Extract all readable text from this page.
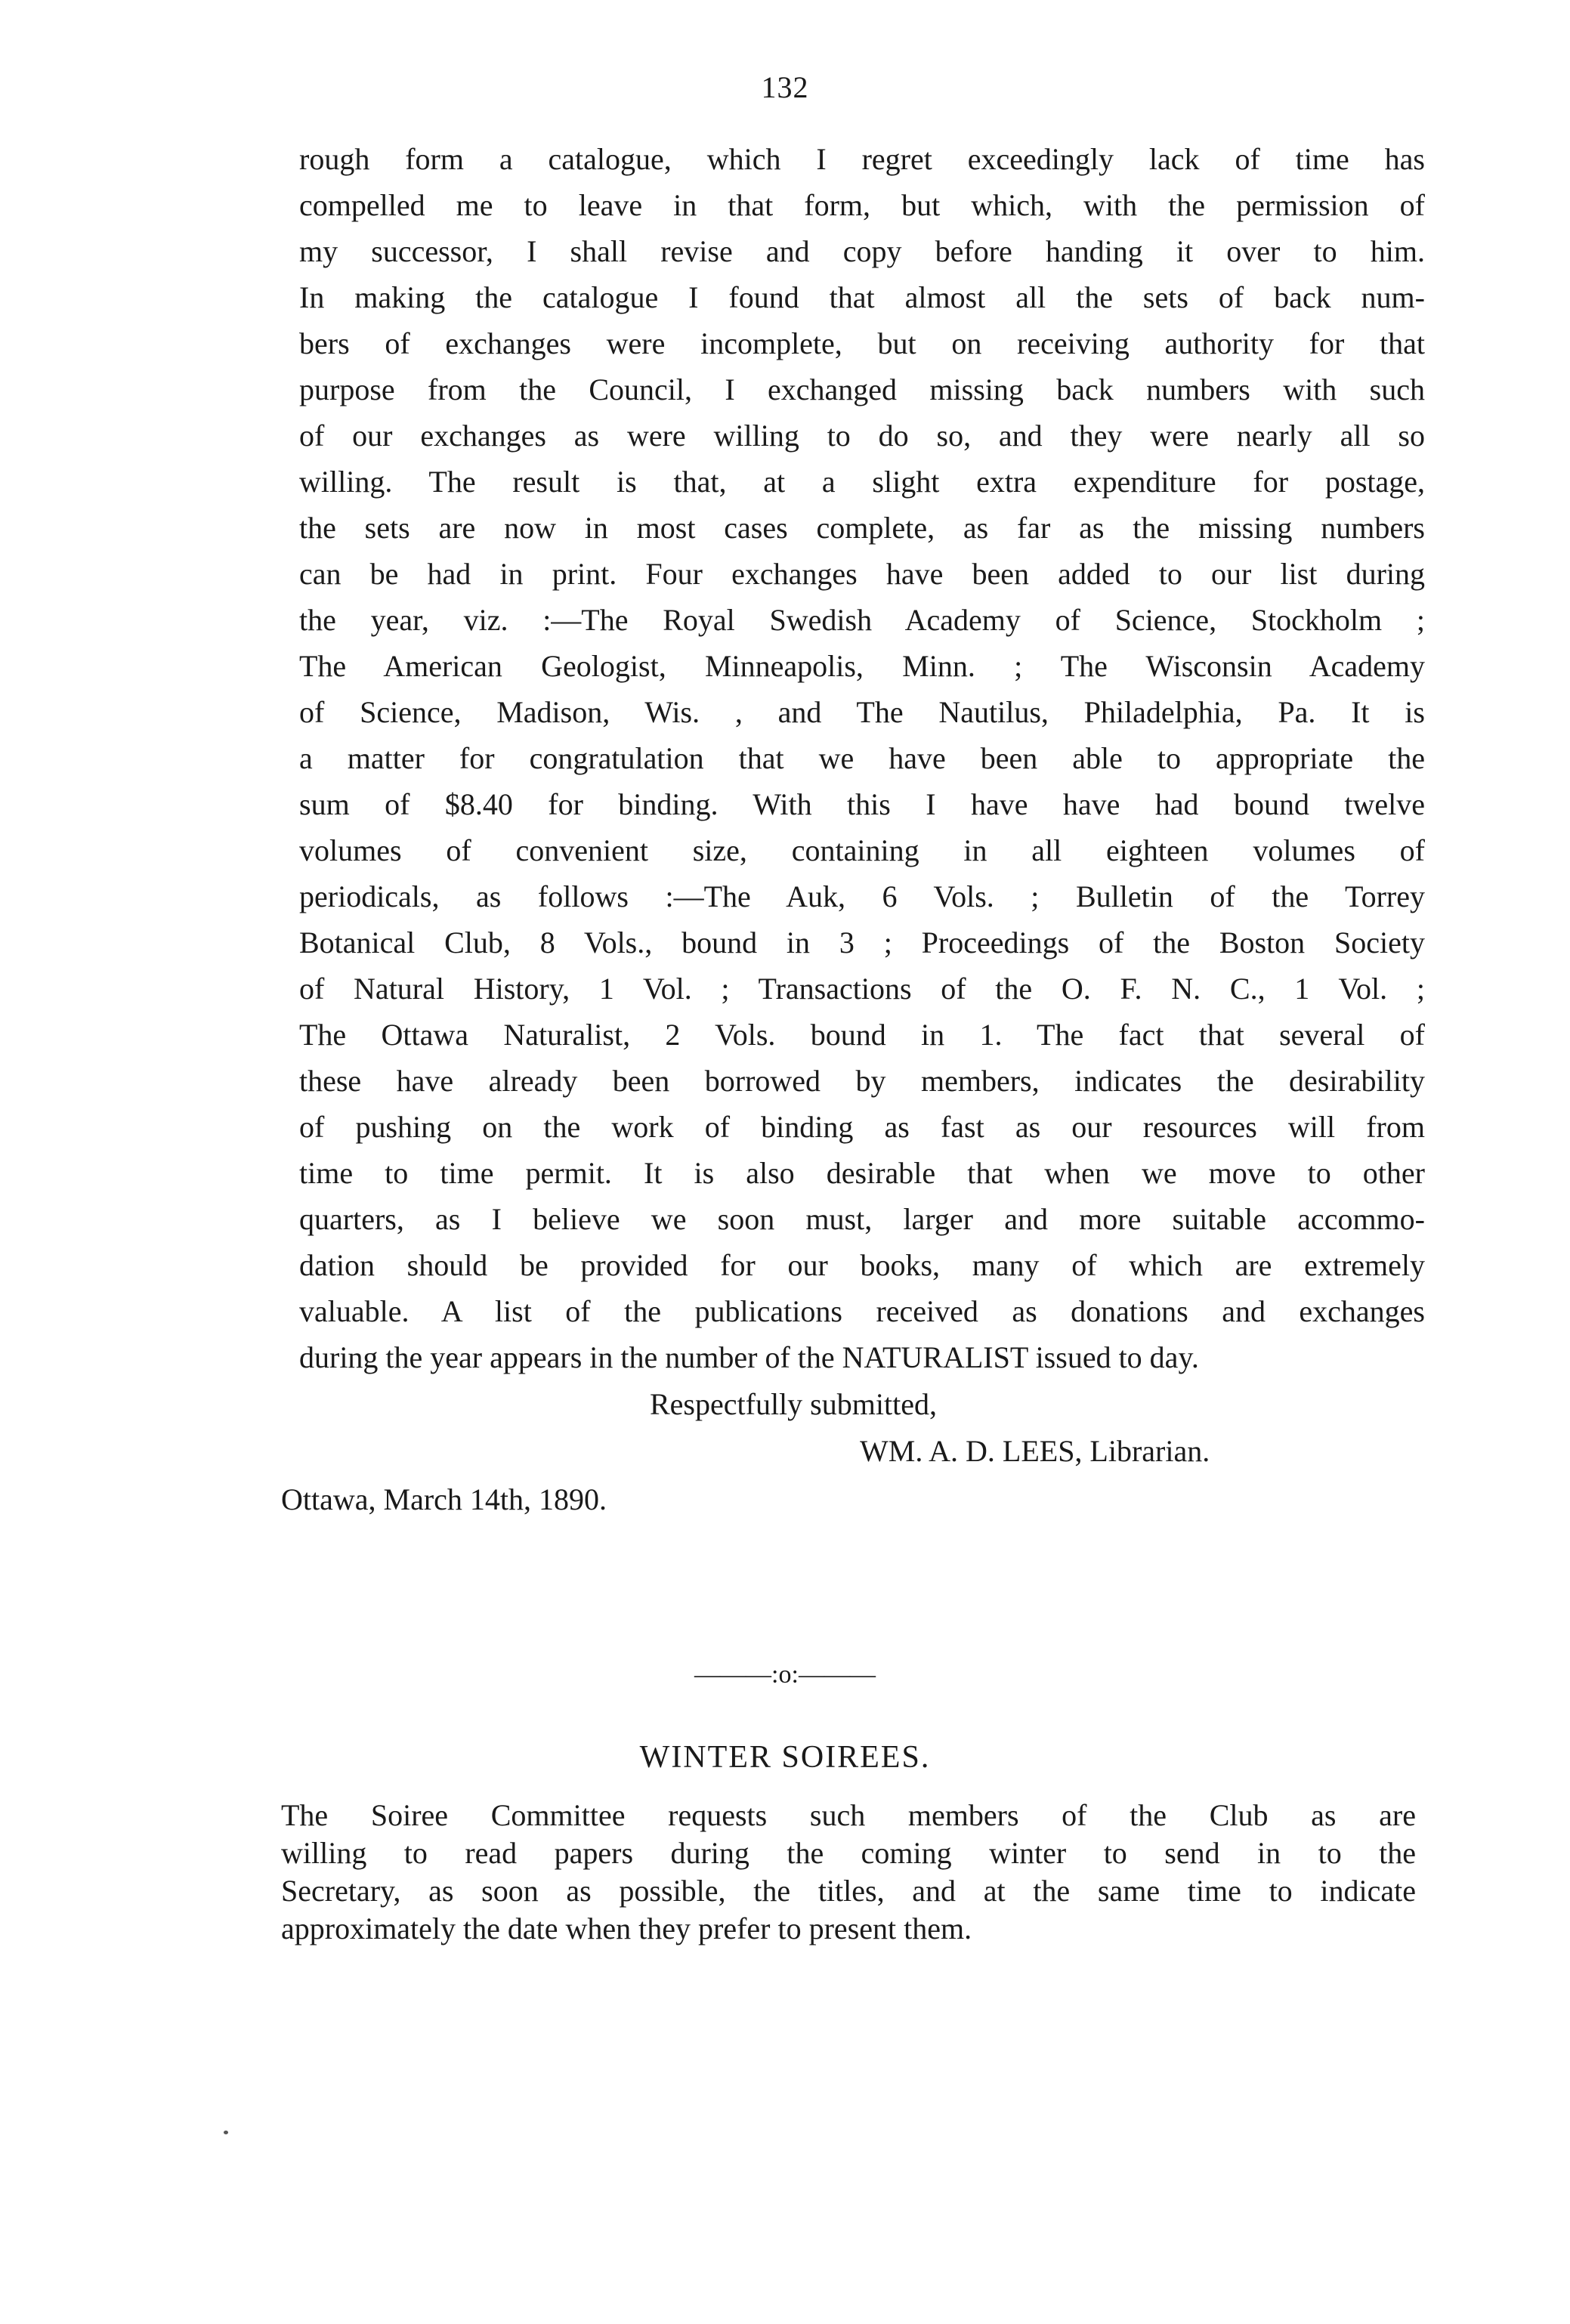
132
rough form a catalogue, which I regret exceedingly lack of time has
compelled me to leave in that form, but which, with the permission of
my successor, I shall revise and copy before handing it over to him.
In making the catalogue I found that almost all the sets of back num-
bers of exchanges were incomplete, but on receiving authority for that
purpose from the Council, I exchanged missing back numbers with such
of our exchanges as were willing to do so, and they were nearly all so
willing. The result is that, at a slight extra expenditure for postage,
the sets are now in most cases complete, as far as the missing numbers
can be had in print. Four exchanges have been added to our list during
the year, viz. :—The Royal Swedish Academy of Science, Stockholm ;
The American Geologist, Minneapolis, Minn. ; The Wisconsin Academy
of Science, Madison, Wis. , and The Nautilus, Philadelphia, Pa. It is
a matter for congratulation that we have been able to appropriate the
sum of $8.40 for binding. With this I have have had bound twelve
volumes of convenient size, containing in all eighteen volumes of
periodicals, as follows :—The Auk, 6 Vols. ; Bulletin of the Torrey
Botanical Club, 8 Vols., bound in 3 ; Proceedings of the Boston Society
of Natural History, 1 Vol. ; Transactions of the O. F. N. C., 1 Vol. ;
The Ottawa Naturalist, 2 Vols. bound in 1. The fact that several of
these have already been borrowed by members, indicates the desirability
of pushing on the work of binding as fast as our resources will from
time to time permit. It is also desirable that when we move to other
quarters, as I believe we soon must, larger and more suitable accommo-
dation should be provided for our books, many of which are extremely
valuable. A list of the publications received as donations and exchanges
during the year appears in the number of the NATURALIST issued to day.
Respectfully submitted,
WM. A. D. LEES, Librarian.
Ottawa, March 14th, 1890.
———:o:———
WINTER SOIREES.
The Soiree Committee requests such members of the Club as are
willing to read papers during the coming winter to send in to the
Secretary, as soon as possible, the titles, and at the same time to indicate
approximately the date when they prefer to present them.
